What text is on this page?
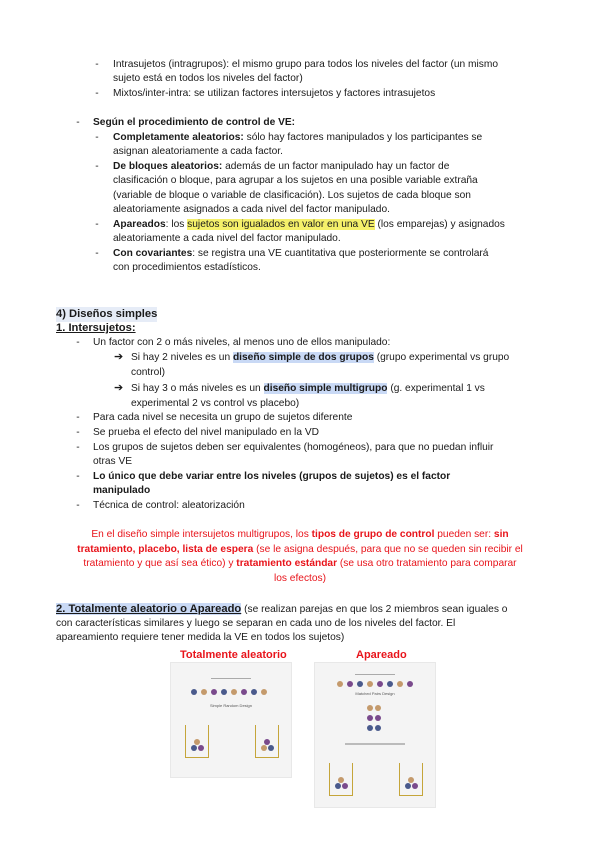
-	Intrasujetos (intragrupos): el mismo grupo para todos los niveles del factor (un mismo
sujeto está en todos los niveles del factor)
-	Mixtos/inter-intra: se utilizan factores intersujetos y factores intrasujetos
-	Según el procedimiento de control de VE:
-	Completamente aleatorios: sólo hay factores manipulados y los participantes se
asignan aleatoriamente a cada factor.
-	De bloques aleatorios: además de un factor manipulado hay un factor de
clasificación o bloque, para agrupar a los sujetos en una posible variable extraña
(variable de bloque o variable de clasificación). Los sujetos de cada bloque son
aleatoriamente asignados a cada nivel del factor manipulado.
-	Apareados: los sujetos son igualados en valor en una VE (los emparejas) y asignados
aleatoriamente a cada nivel del factor manipulado.
-	Con covariantes: se registra una VE cuantitativa que posteriormente se controlará
con procedimientos estadísticos.
4) Diseños simples
1. Intersujetos:
-	Un factor con 2 o más niveles, al menos uno de ellos manipulado:
➔ Si hay 2 niveles es un diseño simple de dos grupos (grupo experimental vs grupo
control)
➔ Si hay 3 o más niveles es un diseño simple multigrupo (g. experimental 1 vs
experimental 2 vs control vs placebo)
-	Para cada nivel se necesita un grupo de sujetos diferente
-	Se prueba el efecto del nivel manipulado en la VD
-	Los grupos de sujetos deben ser equivalentes (homogéneos), para que no puedan influir
otras VE
-	Lo único que debe variar entre los niveles (grupos de sujetos) es el factor
manipulado
-	Técnica de control: aleatorización
En el diseño simple intersujetos multigrupos, los tipos de grupo de control pueden ser: sin
tratamiento, placebo, lista de espera (se le asigna después, para que no se queden sin recibir el
tratamiento y que así sea ético) y tratamiento estándar (se usa otro tratamiento para comparar
los efectos)
2. Totalmente aleatorio o Apareado (se realizan parejas en que los 2 miembros sean iguales o
con características similares y luego se separan en cada uno de los niveles del factor. El
apareamiento requiere tener medida la VE en todos los sujetos)
Totalmente aleatorio	Apareado

Simple Random Design

Matched Pairs Design
